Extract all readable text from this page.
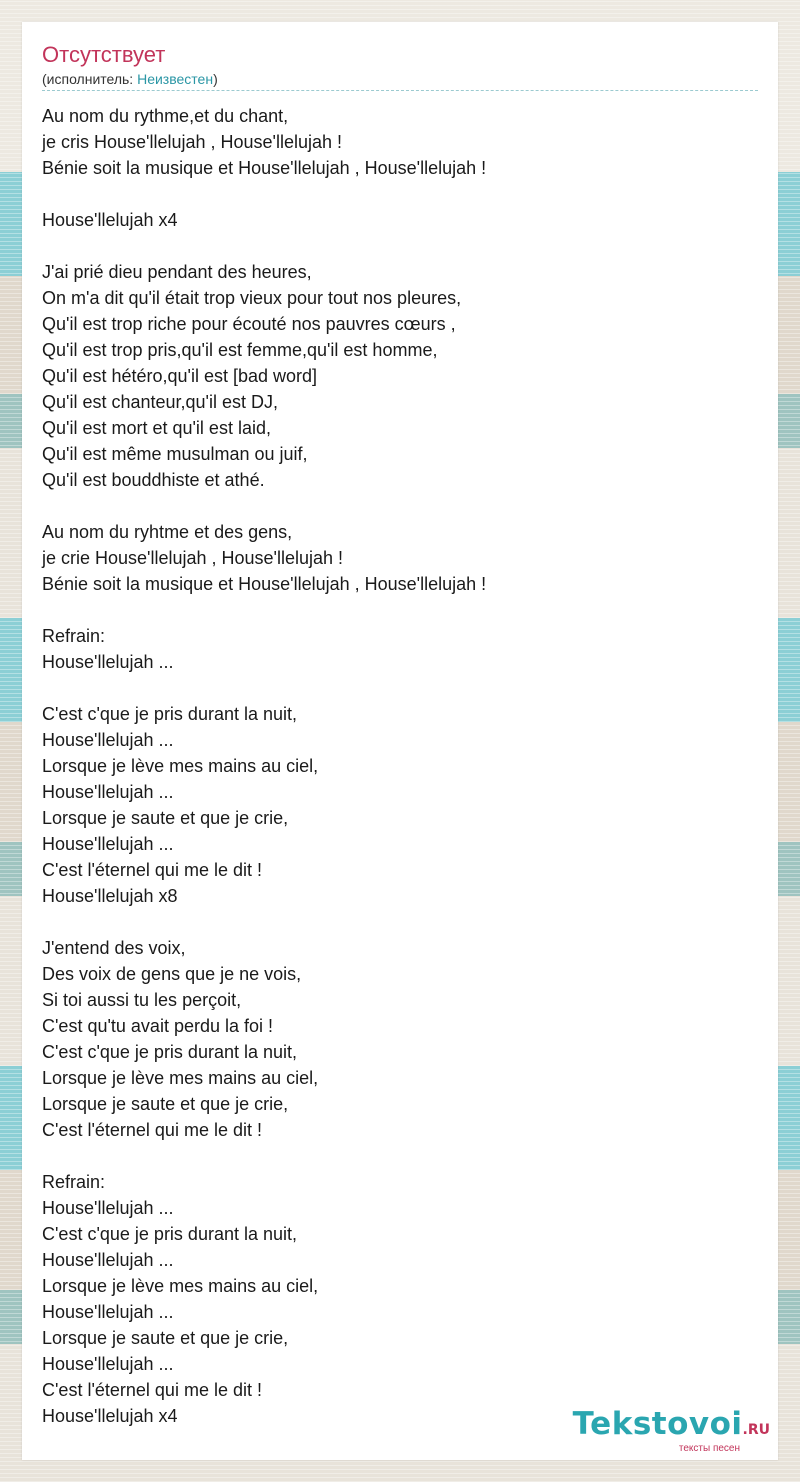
Отсутствует
(исполнитель: Неизвестен)
Au nom du rythme,et du chant,
je cris House'llelujah , House'llelujah !
Bénie soit la musique et House'llelujah , House'llelujah !
House'llelujah x4
J'ai prié dieu pendant des heures,
On m'a dit qu'il était trop vieux pour tout nos pleures,
Qu'il est trop riche pour écouté nos pauvres cœurs ,
Qu'il est trop pris,qu'il est femme,qu'il est homme,
Qu'il est hétéro,qu'il est [bad word]
Qu'il est chanteur,qu'il est DJ,
Qu'il est mort et qu'il est laid,
Qu'il est même musulman ou juif,
Qu'il est bouddhiste et athé.
Au nom du ryhtme et des gens,
je crie House'llelujah , House'llelujah !
Bénie soit la musique et House'llelujah , House'llelujah !
Refrain:
House'llelujah ...
C'est c'que je pris durant la nuit,
House'llelujah ...
Lorsque je lève mes mains au ciel,
House'llelujah ...
Lorsque je saute et que je crie,
House'llelujah ...
C'est l'éternel qui me le dit !
House'llelujah x8
J'entend des voix,
Des voix de gens que je ne vois,
Si toi aussi tu les perçoit,
C'est qu'tu avait perdu la foi !
C'est c'que je pris durant la nuit,
Lorsque je lève mes mains au ciel,
Lorsque je saute et que je crie,
C'est l'éternel qui me le dit !
Refrain:
House'llelujah ...
C'est c'que je pris durant la nuit,
House'llelujah ...
Lorsque je lève mes mains au ciel,
House'llelujah ...
Lorsque je saute et que je crie,
House'llelujah ...
C'est l'éternel qui me le dit !
House'llelujah x4	Tekstovoi.RU
тексты песен
